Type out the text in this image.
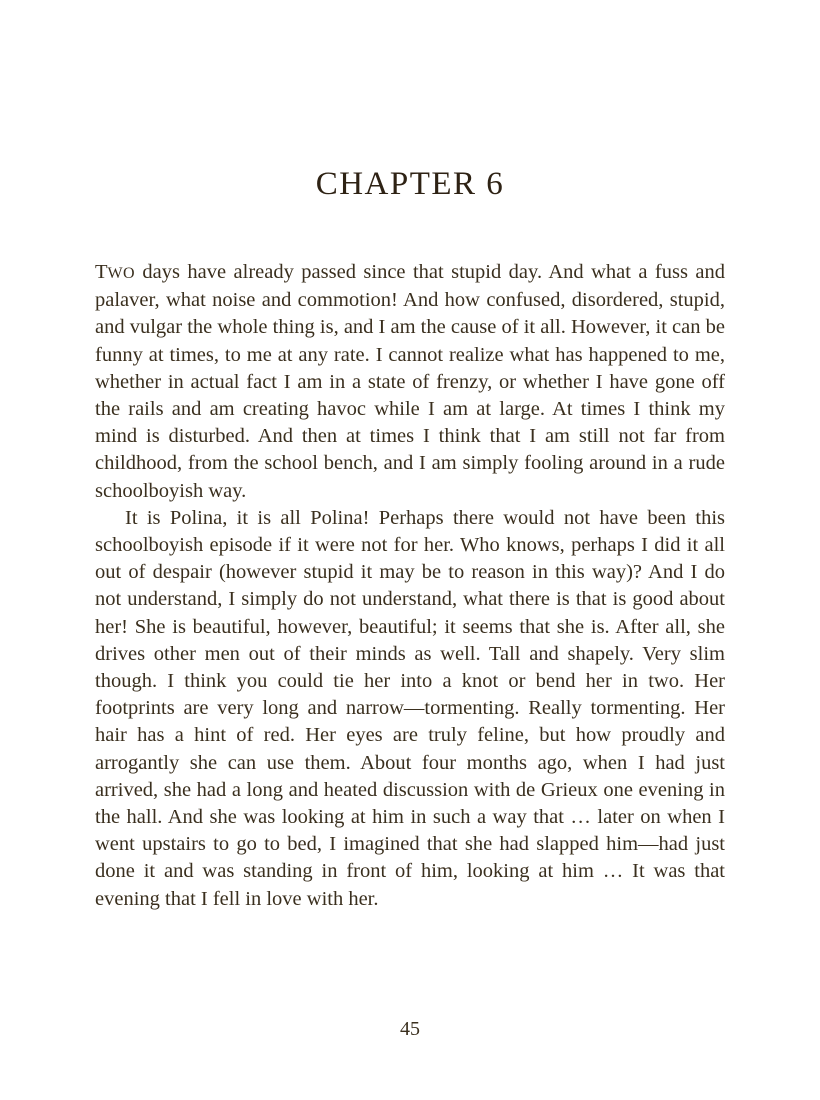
CHAPTER 6

TWO days have already passed since that stupid day. And what a fuss and palaver, what noise and commotion! And how confused, disordered, stupid, and vulgar the whole thing is, and I am the cause of it all. However, it can be funny at times, to me at any rate. I cannot realize what has happened to me, whether in actual fact I am in a state of frenzy, or whether I have gone off the rails and am creating havoc while I am at large. At times I think my mind is disturbed. And then at times I think that I am still not far from childhood, from the school bench, and I am simply fooling around in a rude schoolboyish way.

It is Polina, it is all Polina! Perhaps there would not have been this schoolboyish episode if it were not for her. Who knows, perhaps I did it all out of despair (however stupid it may be to reason in this way)? And I do not understand, I simply do not understand, what there is that is good about her! She is beautiful, however, beautiful; it seems that she is. After all, she drives other men out of their minds as well. Tall and shapely. Very slim though. I think you could tie her into a knot or bend her in two. Her footprints are very long and narrow—tormenting. Really tormenting. Her hair has a hint of red. Her eyes are truly feline, but how proudly and arrogantly she can use them. About four months ago, when I had just arrived, she had a long and heated discussion with de Grieux one evening in the hall. And she was looking at him in such a way that … later on when I went upstairs to go to bed, I imagined that she had slapped him—had just done it and was standing in front of him, looking at him … It was that evening that I fell in love with her.

45
